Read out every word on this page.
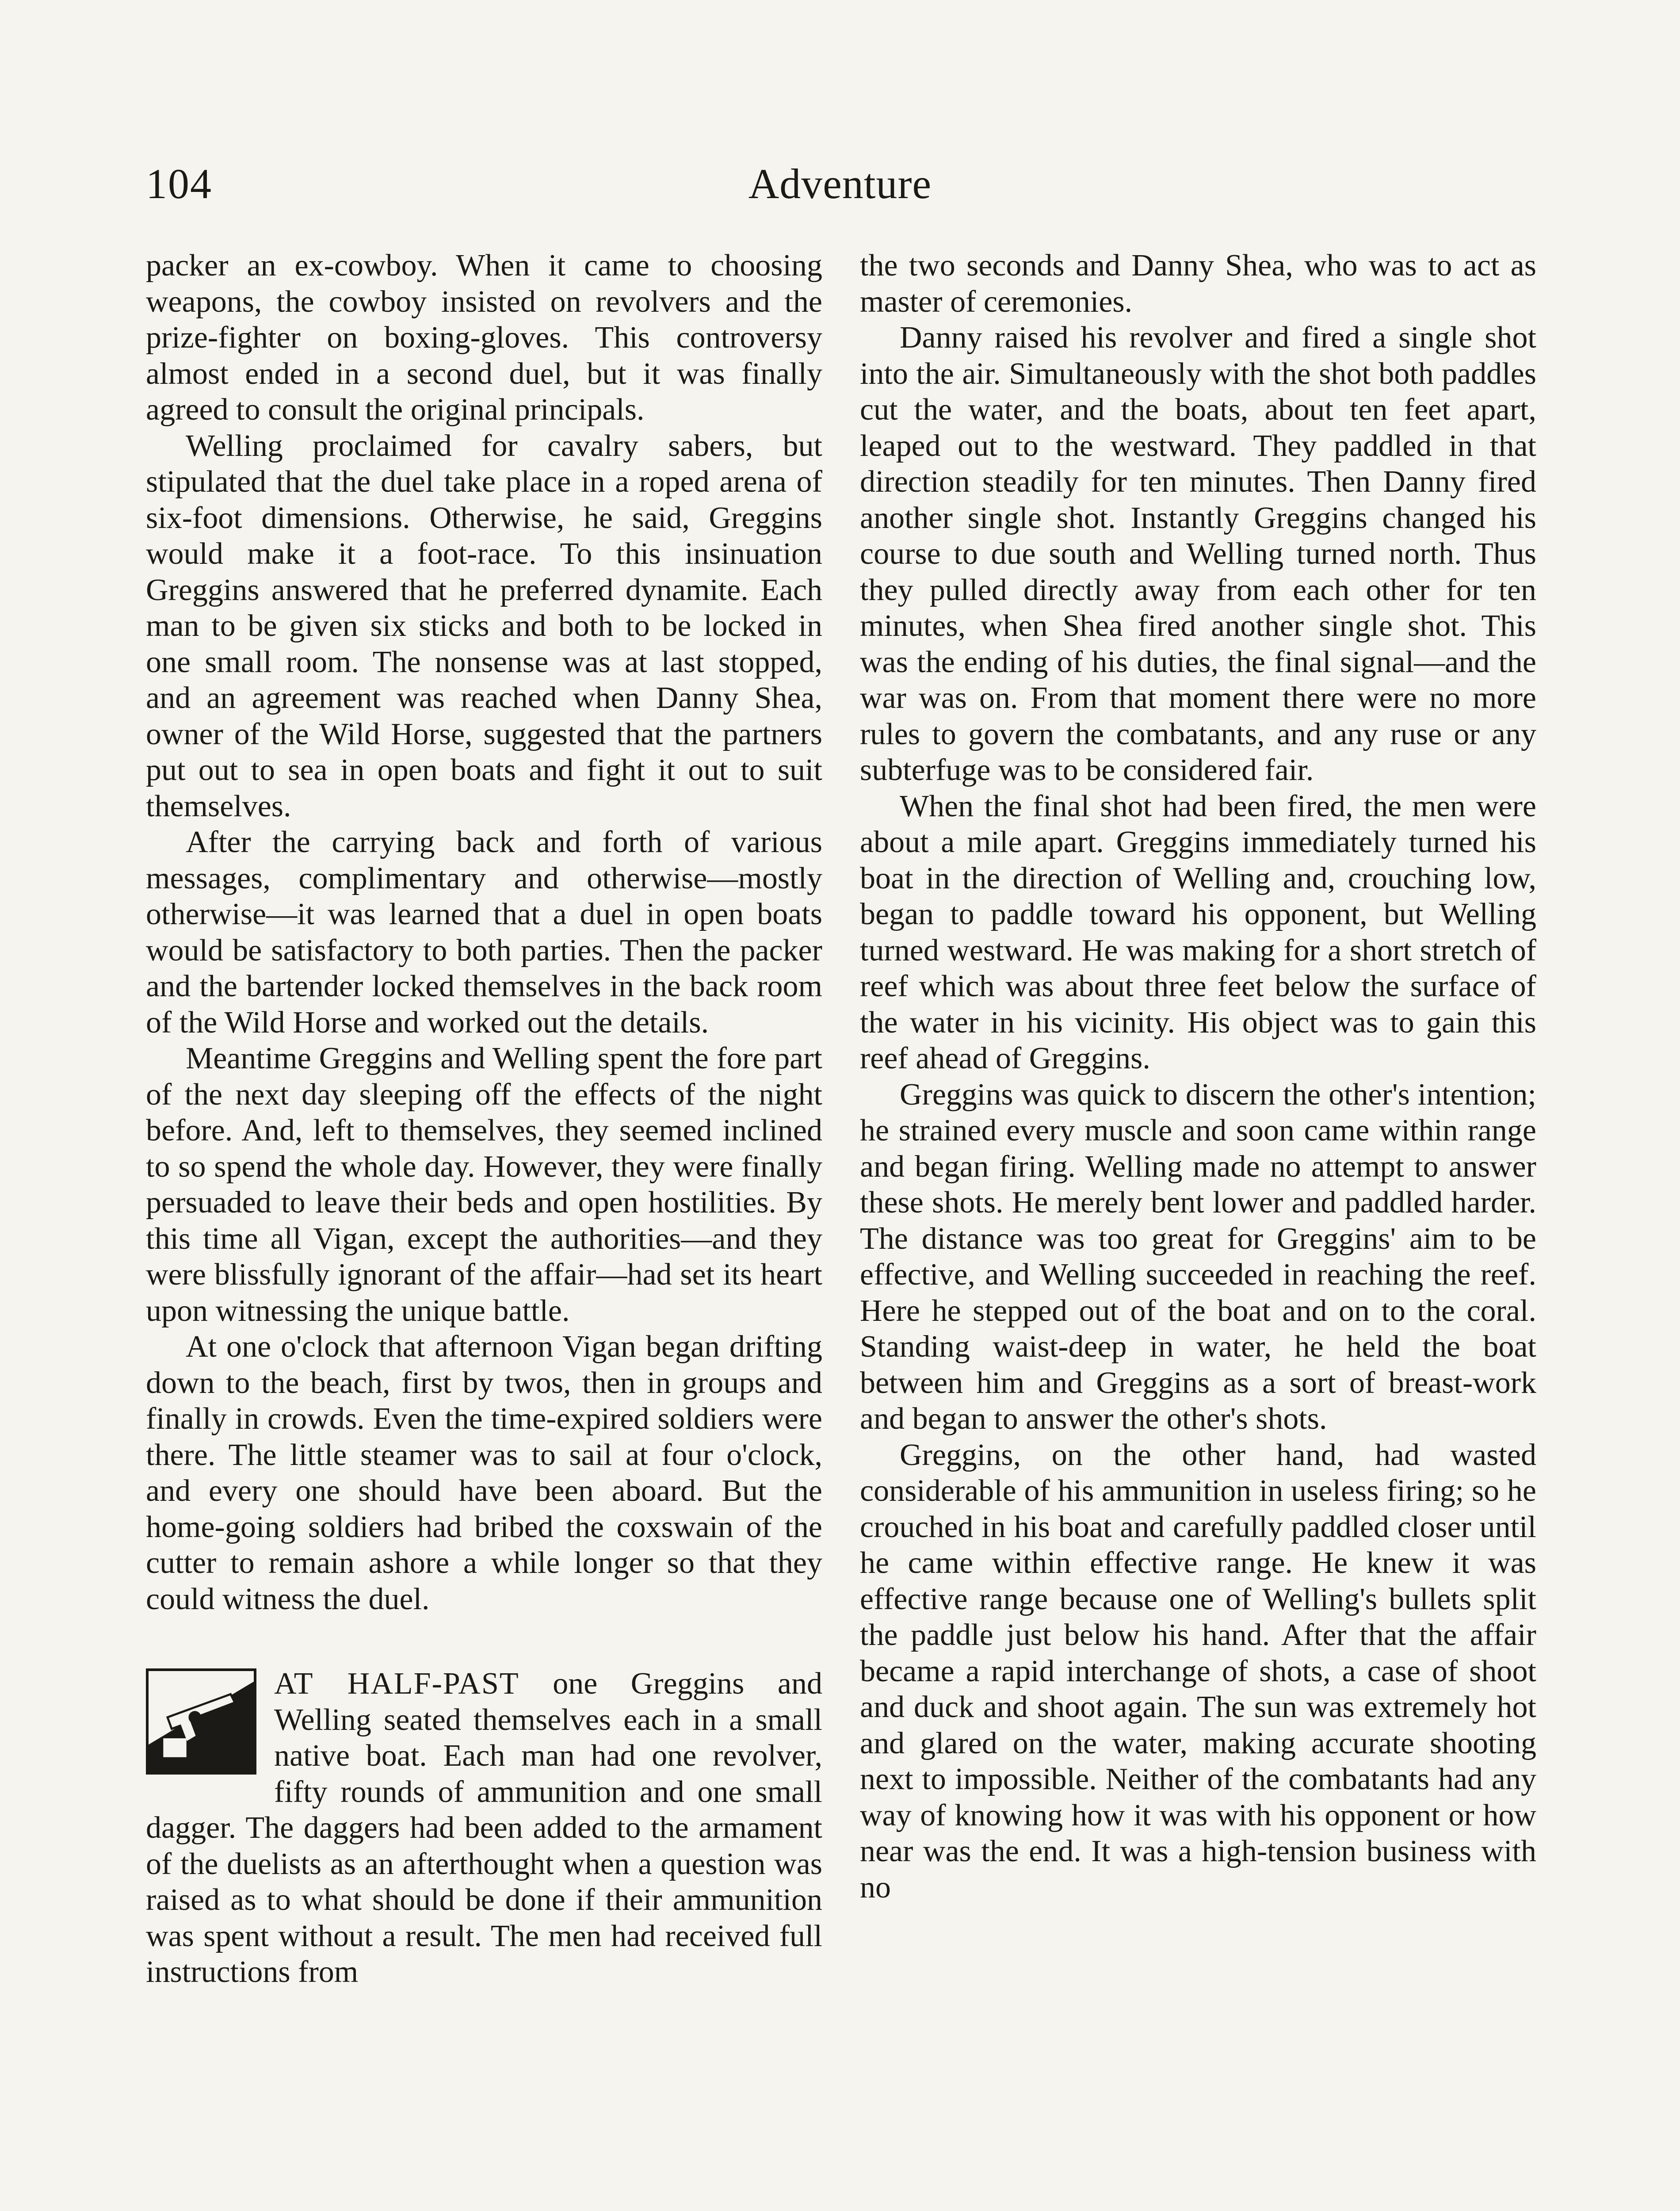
104	Adventure

packer an ex-cowboy. When it came to choosing weapons, the cowboy insisted on revolvers and the prize-fighter on boxing-gloves. This controversy almost ended in a second duel, but it was finally agreed to consult the original principals.

Welling proclaimed for cavalry sabers, but stipulated that the duel take place in a roped arena of six-foot dimensions. Otherwise, he said, Greggins would make it a foot-race. To this insinuation Greggins answered that he preferred dynamite. Each man to be given six sticks and both to be locked in one small room. The nonsense was at last stopped, and an agreement was reached when Danny Shea, owner of the Wild Horse, suggested that the partners put out to sea in open boats and fight it out to suit themselves.

After the carrying back and forth of various messages, complimentary and otherwise—mostly otherwise—it was learned that a duel in open boats would be satisfactory to both parties. Then the packer and the bartender locked themselves in the back room of the Wild Horse and worked out the details.

Meantime Greggins and Welling spent the fore part of the next day sleeping off the effects of the night before. And, left to themselves, they seemed inclined to so spend the whole day. However, they were finally persuaded to leave their beds and open hostilities. By this time all Vigan, except the authorities—and they were blissfully ignorant of the affair—had set its heart upon witnessing the unique battle.

At one o'clock that afternoon Vigan began drifting down to the beach, first by twos, then in groups and finally in crowds. Even the time-expired soldiers were there. The little steamer was to sail at four o'clock, and every one should have been aboard. But the home-going soldiers had bribed the coxswain of the cutter to remain ashore a while longer so that they could witness the duel.

AT HALF-PAST one Greggins and Welling seated themselves each in a small native boat. Each man had one revolver, fifty rounds of ammunition and one small dagger. The daggers had been added to the armament of the duelists as an afterthought when a question was raised as to what should be done if their ammunition was spent without a result. The men had received full instructions from

the two seconds and Danny Shea, who was to act as master of ceremonies.

Danny raised his revolver and fired a single shot into the air. Simultaneously with the shot both paddles cut the water, and the boats, about ten feet apart, leaped out to the westward. They paddled in that direction steadily for ten minutes. Then Danny fired another single shot. Instantly Greggins changed his course to due south and Welling turned north. Thus they pulled directly away from each other for ten minutes, when Shea fired another single shot. This was the ending of his duties, the final signal—and the war was on. From that moment there were no more rules to govern the combatants, and any ruse or any subterfuge was to be considered fair.

When the final shot had been fired, the men were about a mile apart. Greggins immediately turned his boat in the direction of Welling and, crouching low, began to paddle toward his opponent, but Welling turned westward. He was making for a short stretch of reef which was about three feet below the surface of the water in his vicinity. His object was to gain this reef ahead of Greggins.

Greggins was quick to discern the other's intention; he strained every muscle and soon came within range and began firing. Welling made no attempt to answer these shots. He merely bent lower and paddled harder. The distance was too great for Greggins' aim to be effective, and Welling succeeded in reaching the reef. Here he stepped out of the boat and on to the coral. Standing waist-deep in water, he held the boat between him and Greggins as a sort of breast-work and began to answer the other's shots.

Greggins, on the other hand, had wasted considerable of his ammunition in useless firing; so he crouched in his boat and carefully paddled closer until he came within effective range. He knew it was effective range because one of Welling's bullets split the paddle just below his hand. After that the affair became a rapid interchange of shots, a case of shoot and duck and shoot again. The sun was extremely hot and glared on the water, making accurate shooting next to impossible. Neither of the combatants had any way of knowing how it was with his opponent or how near was the end. It was a high-tension business with no
